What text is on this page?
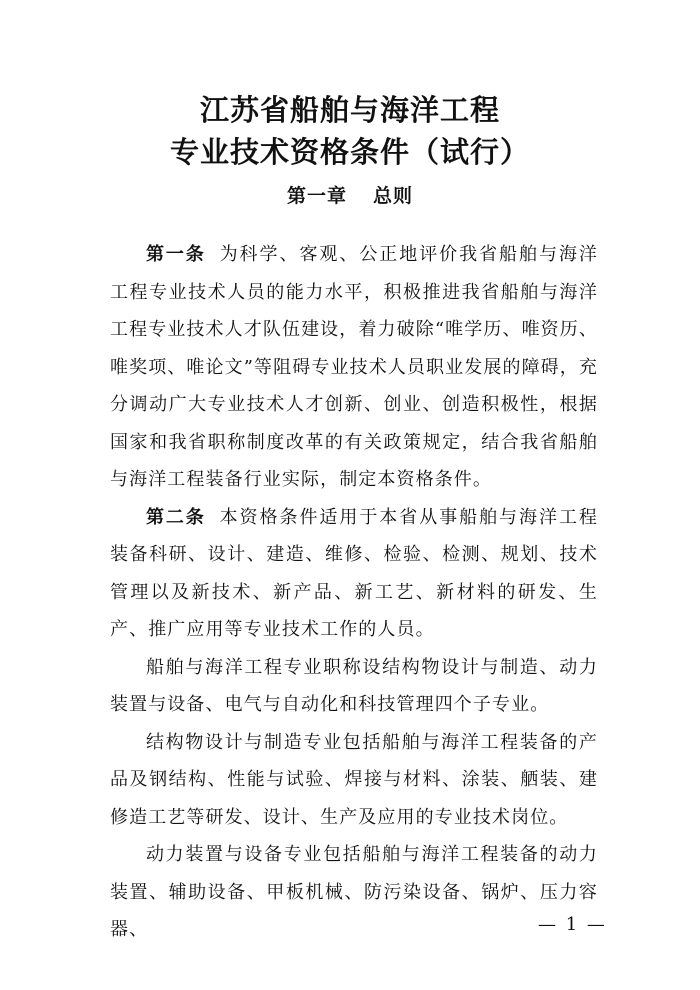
江苏省船舶与海洋工程
专业技术资格条件（试行）
第一章 总则

第一条 为科学、客观、公正地评价我省船舶与海洋工程专业技术人员的能力水平，积极推进我省船舶与海洋工程专业技术人才队伍建设，着力破除“唯学历、唯资历、唯奖项、唯论文”等阻碍专业技术人员职业发展的障碍，充分调动广大专业技术人才创新、创业、创造积极性，根据国家和我省职称制度改革的有关政策规定，结合我省船舶与海洋工程装备行业实际，制定本资格条件。

第二条 本资格条件适用于本省从事船舶与海洋工程装备科研、设计、建造、维修、检验、检测、规划、技术管理以及新技术、新产品、新工艺、新材料的研发、生产、推广应用等专业技术工作的人员。

船舶与海洋工程专业职称设结构物设计与制造、动力装置与设备、电气与自动化和科技管理四个子专业。

结构物设计与制造专业包括船舶与海洋工程装备的产品及钢结构、性能与试验、焊接与材料、涂装、舾装、建修造工艺等研发、设计、生产及应用的专业技术岗位。

动力装置与设备专业包括船舶与海洋工程装备的动力装置、辅助设备、甲板机械、防污染设备、锅炉、压力容器、	— 1 —
